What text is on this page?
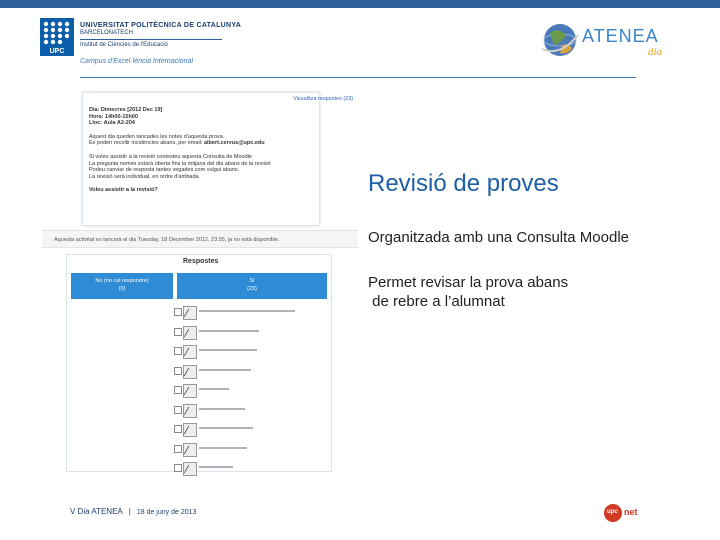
UPC
UNIVERSITAT POLITÈCNICA DE CATALUNYA
BARCELONATECH
Institut de Ciències de l'Educació
Campus d'Excel·lència Internacional
ATENEA
dia
Visualitza respostes (23)
Dia: Dimecres [2012 Dec 19]
Hora: 14h00-15h00
Lloc: Aula A2-204
Aquest dia queden tancades les notes d'aquesta prova.
Es poden recollir incidències abans, per email: albert.cervus@upc.edu
Si voleu assistir a la revisió contesteu aquesta Consulta de Moodle
La pregunta només estarà oberta fins la mitjana del dia abans de la revisió
Podeu canviar de resposta tantes vegades com vulgui abans.
La revisió serà individual, en ordre d'arribada.
Voleu assistir a la revisió?
Aquesta activitat es tancarà el dia Tuesday, 18 December 2012, 23:55, ja no està disponible.
Respostes
No (no cal respondre)
(0)
Sí
(23)
Revisió de proves
Organitzada amb una Consulta Moodle
Permet revisar la prova abans
de rebre a l’alumnat
V Dia ATENEA | 18 de juny de 2013	upc net
